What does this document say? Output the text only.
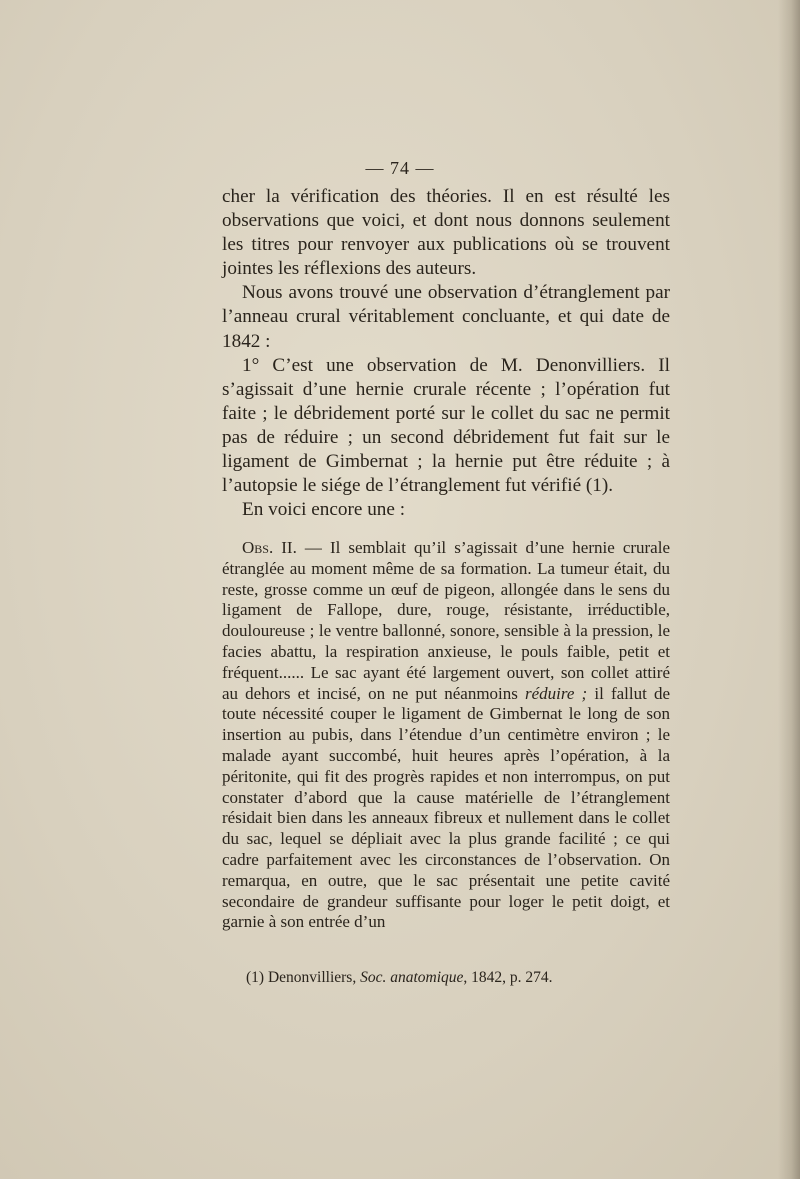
— 74 —

cher la vérification des théories. Il en est résulté les observations que voici, et dont nous donnons seulement les titres pour renvoyer aux publications où se trouvent jointes les réflexions des auteurs.

Nous avons trouvé une observation d’étranglement par l’anneau crural véritablement concluante, et qui date de 1842 :

1° C’est une observation de M. Denonvilliers. Il s’agissait d’une hernie crurale récente ; l’opération fut faite ; le débridement porté sur le collet du sac ne permit pas de réduire ; un second débridement fut fait sur le ligament de Gimbernat ; la hernie put être réduite ; à l’autopsie le siége de l’étranglement fut vérifié (1).

En voici encore une :

Obs. II. — Il semblait qu’il s’agissait d’une hernie crurale étranglée au moment même de sa formation. La tumeur était, du reste, grosse comme un œuf de pigeon, allongée dans le sens du ligament de Fallope, dure, rouge, résistante, irréductible, douloureuse ; le ventre ballonné, sonore, sensible à la pression, le facies abattu, la respiration anxieuse, le pouls faible, petit et fréquent...... Le sac ayant été largement ouvert, son collet attiré au dehors et incisé, on ne put néanmoins réduire ; il fallut de toute nécessité couper le ligament de Gimbernat le long de son insertion au pubis, dans l’étendue d’un centimètre environ ; le malade ayant succombé, huit heures après l’opération, à la péritonite, qui fit des progrès rapides et non interrompus, on put constater d’abord que la cause matérielle de l’étranglement résidait bien dans les anneaux fibreux et nullement dans le collet du sac, lequel se dépliait avec la plus grande facilité ; ce qui cadre parfaitement avec les circonstances de l’observation. On remarqua, en outre, que le sac présentait une petite cavité secondaire de grandeur suffisante pour loger le petit doigt, et garnie à son entrée d’un

(1) Denonvilliers, Soc. anatomique, 1842, p. 274.
